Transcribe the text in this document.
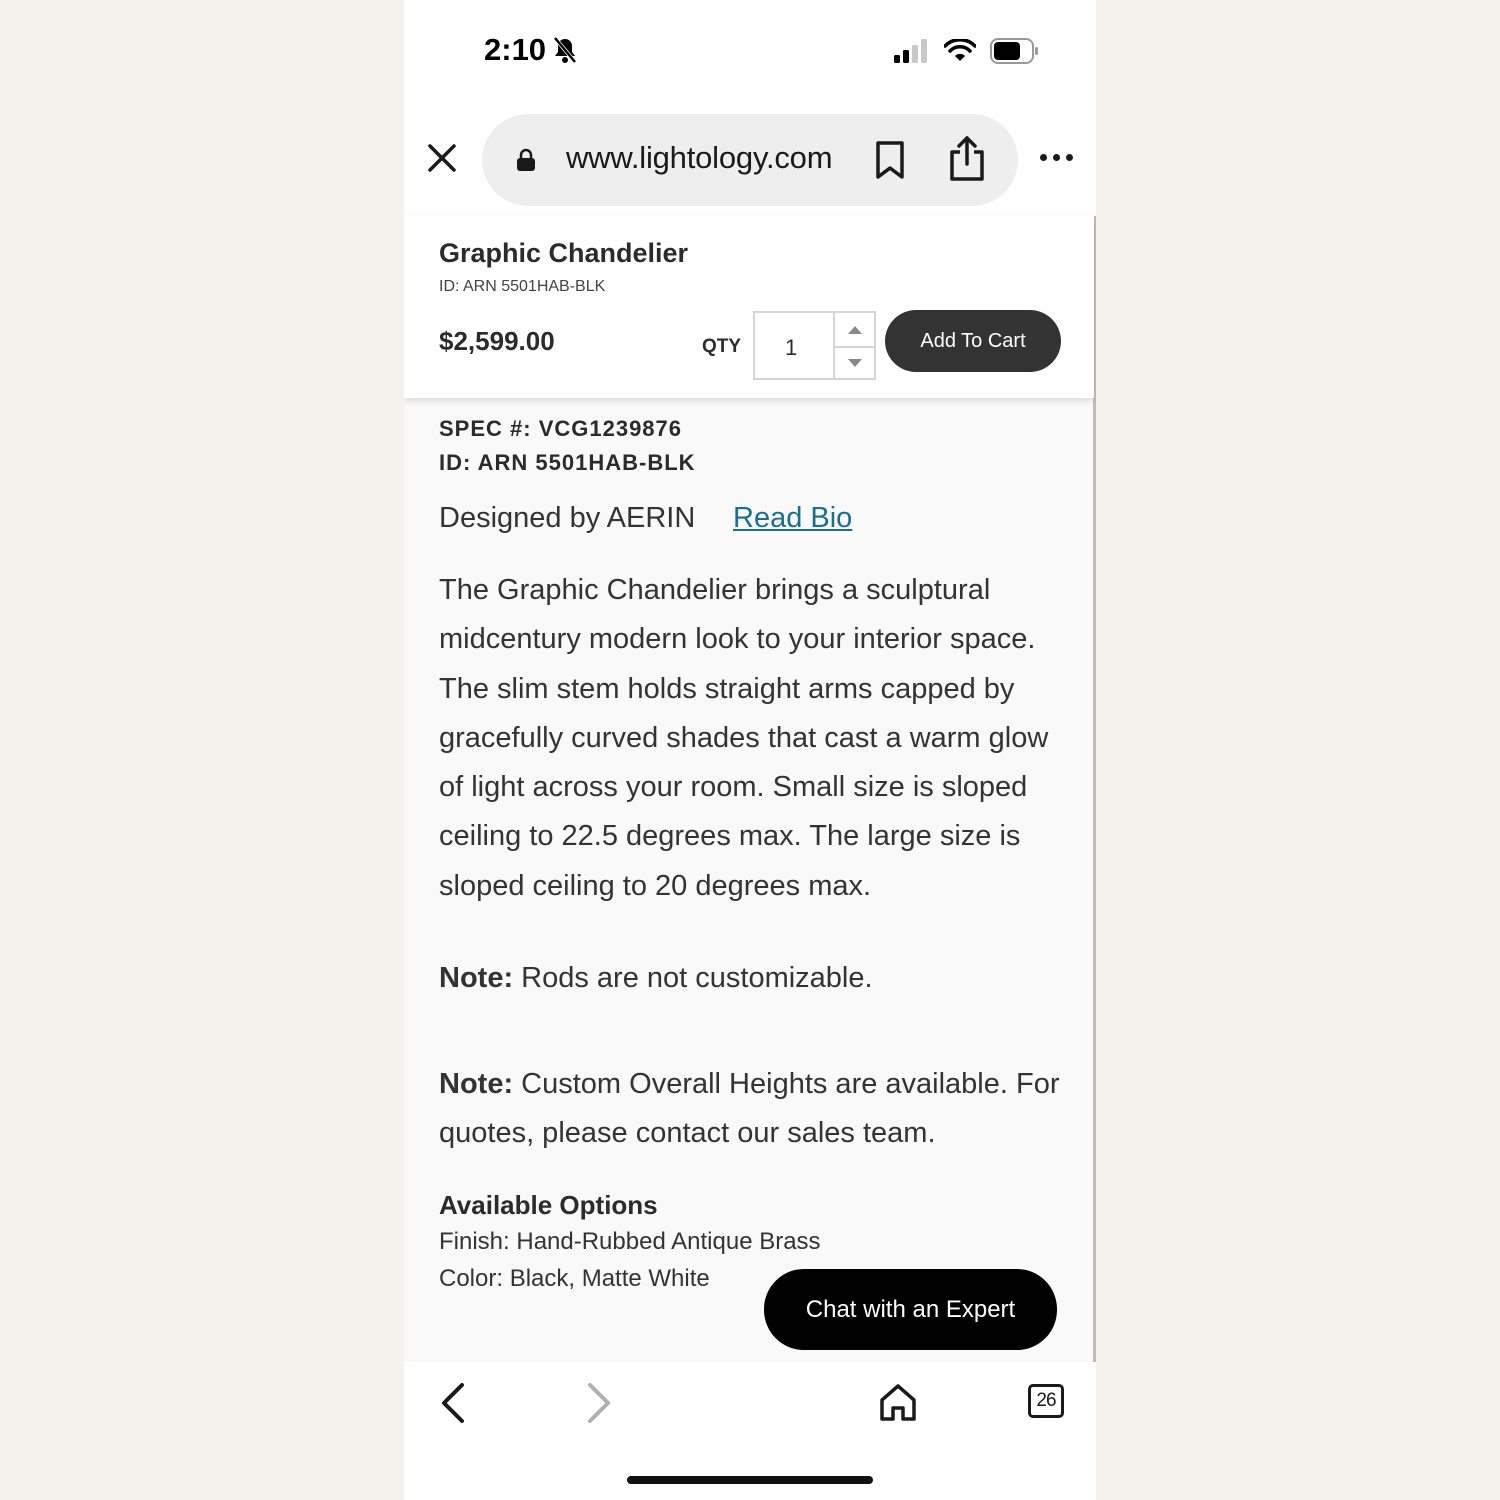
2:10
www.lightology.com
Graphic Chandelier
ID: ARN 5501HAB-BLK
$2,599.00	QTY 1	Add To Cart
SPEC #: VCG1239876
ID: ARN 5501HAB-BLK
Designed by AERIN Read Bio
The Graphic Chandelier brings a sculptural midcentury modern look to your interior space. The slim stem holds straight arms capped by gracefully curved shades that cast a warm glow of light across your room. Small size is sloped ceiling to 22.5 degrees max. The large size is sloped ceiling to 20 degrees max.
Note: Rods are not customizable.
Note: Custom Overall Heights are available. For quotes, please contact our sales team.
Available Options
Finish: Hand-Rubbed Antique Brass
Color: Black, Matte White
Chat with an Expert
26
